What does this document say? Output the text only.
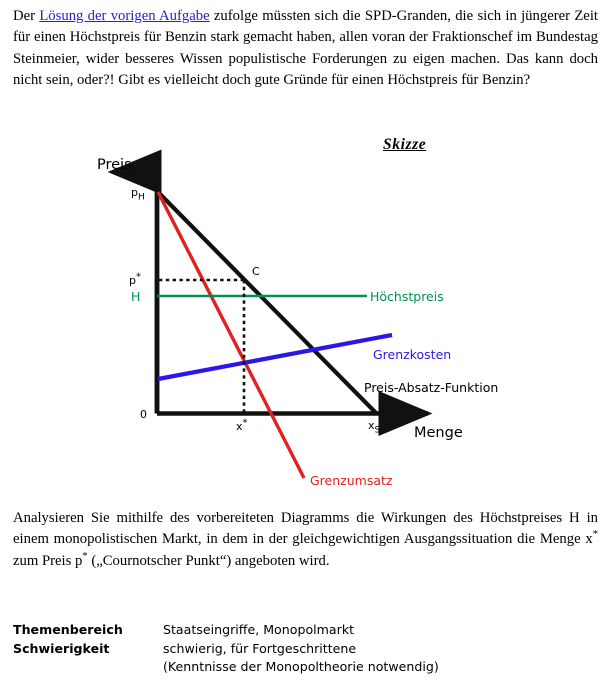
Der Lösung der vorigen Aufgabe zufolge müssten sich die SPD-Granden, die sich in jüngerer Zeit für einen Höchstpreis für Benzin stark gemacht haben, allen voran der Fraktionschef im Bundestag Steinmeier, wider besseres Wissen populistische Forderungen zu eigen machen. Das kann doch nicht sein, oder?! Gibt es vielleicht doch gute Gründe für einen Höchstpreis für Benzin?
Skizze
Preis
Menge
0
$p_H$
p*
H
x*	$x_S$
C
Höchstpreis
Grenzkosten
Preis-Absatz-Funktion
Grenzumsatz
Analysieren Sie mithilfe des vorbereiteten Diagramms die Wirkungen des Höchstpreises H in einem monopolistischen Markt, in dem in der gleichgewichtigen Ausgangssituation die Menge x* zum Preis p* („Cournotscher Punkt“) angeboten wird.
Themenbereich	Staatseingriffe, Monopolmarkt
Schwierigkeit	schwierig, für Fortgeschrittene
	(Kenntnisse der Monopoltheorie notwendig)
